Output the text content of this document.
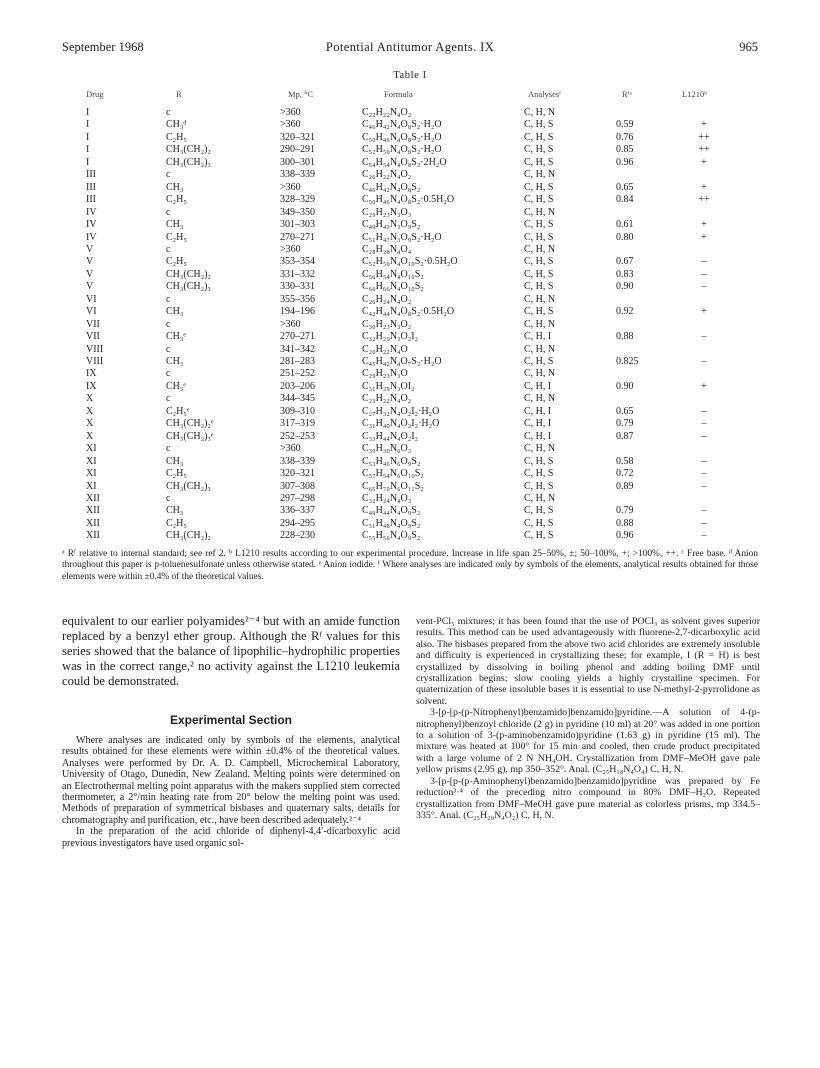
September 1968	Potential Antitumor Agents. IX	965
Table I
Drug	R	Mp, °C	Formula	Analysesᶠ	Rᶠᵃ	L1210ᵇ
I	c	>360	C₂₂H₂₂N₄O₂	C, H, N
I	CH₃ᵈ	>360	C₄₆H₄₂N₄O₈S₂·H₂O	C, H, S	0.59	+
I	C₂H₅	320–321	C₅₀H₄₆N₄O₈S₂·H₂O	C, H, S	0.76	++
I	CH₃(CH₂)₂	290–291	C₅₂H₅₀N₄O₈S₂·H₂O	C, H, S	0.85	++
I	CH₃(CH₂)₃	300–301	C₅₄H₅₄N₄O₈S₂·2H₂O	C, H, S	0.96	+
III	c	338–339	C₂₆H₂₂N₄O₂	C, H, N
III	CH₃	>360	C₄₆H₄₂N₄O₈S₂	C, H, S	0.65	+
III	C₂H₅	328–329	C₅₀H₄₆N₄O₈S₂·0.5H₂O	C, H, S	0.84	++
IV	c	349–350	C₂₉H₂₃N₃O₃	C, H, N
IV	CH₃	301–303	C₄₉H₄₃N₃O₉S₂	C, H, S	0.61	+
IV	C₂H₅	270–271	C₅₁H₄₇N₃O₉S₂·H₂O	C, H, S	0.80	+
V	c	>360	C₂₈H₂₈N₄O₄	C, H, N
V	C₂H₅	353–354	C₅₂H₅₀N₄O₁₀S₂·0.5H₂O	C, H, S	0.67	–
V	CH₃(CH₂)₂	331–332	C₅₆H₅₄N₄O₁₀S₂	C, H, S	0.83	–
V	CH₃(CH₂)₃	330–331	C₆₀H₆₆N₄O₁₀S₂	C, H, S	0.90	–
VI	c	355–356	C₂₆H₂₄N₄O₂	C, H, N
VI	CH₃	194–196	C₄₂H₄₄N₄O₈S₂·0.5H₂O	C, H, S	0.92	+
VII	c	>360	C₃₀H₂₃N₃O₂	C, H, N
VII	CH₃ᵉ	270–271	C₃₂H₂₉N₃O₂I₂	C, H, I	0.88	–
VIII	c	341–342	C₂₀H₂₂N₄O	C, H, N
VIII	CH₃	281–283	C₄₅H₄₂N₄O₇S₂·H₂O	C, H, S	0.825	–
IX	c	251–252	C₂₉H₂₃N₃O	C, H, N
IX	CH₃ᵉ	203–206	C₃₁H₂₉N₃OI₂	C, H, I	0.90	+
X	c	344–345	C₂₃H₂₂N₄O₂	C, H, N
X	C₂H₅ᵉ	309–310	C₂₇H₃₂N₄O₂I₂·H₂O	C, H, I	0.65	–
X	CH₃(CH₂)₂ᵉ	317–319	C₃₁H₄₀N₄O₂I₂·H₂O	C, H, I	0.79	–
X	CH₃(CH₂)₃ᵉ	252–253	C₃₃H₄₄N₄O₂I₂	C, H, I	0.87	–
XI	c	>360	C₃₉H₃₀N₆O₃	C, H, N
XI	CH₃	338–339	C₅₃H₄₆N₆O₉S₂	C, H, S	0.58	–
XI	C₂H₅	320–321	C₅₇H₅₄N₆O₁₀S₂	C, H, S	0.72	–
XI	CH₃(CH₂)₃	307–308	C₆₅H₇₀N₆O₁₁S₂	C, H, S	0.89	–
XII	c	297–298	C₃₂H₂₄N₄O₃	C, H, N
XII	CH₃	336–337	C₄₉H₄₄N₄O₉S₂	C, H, S	0.79	–
XII	C₂H₅	294–295	C₅₁H₄₈N₄O₉S₂	C, H, S	0.88	–
XII	CH₃(CH₂)₂	228–230	C₅₅H₅₆N₄O₉S₂	C, H, S	0.96	–
ᵃ Rᶠ relative to internal standard; see ref 2. ᵇ L1210 results according to our experimental procedure. Increase in life span 25–50%, ±; 50–100%, +; >100%, ++. ᶜ Free base. ᵈ Anion throughout this paper is p-toluenesulfonate unless otherwise stated. ᵉ Anion iodide. ᶠ Where analyses are indicated only by symbols of the elements, analytical results obtained for those elements were within ±0.4% of the theoretical values.

equivalent to our earlier polyamides²⁻⁴ but with an amide function replaced by a benzyl ether group. Although the Rᶠ values for this series showed that the balance of lipophilic–hydrophilic properties was in the correct range,² no activity against the L1210 leukemia could be demonstrated.

Experimental Section

Where analyses are indicated only by symbols of the elements, analytical results obtained for these elements were within ±0.4% of the theoretical values. Analyses were performed by Dr. A. D. Campbell, Microchemical Laboratory, University of Otago, Dunedin, New Zealand. Melting points were determined on an Electrothermal melting point apparatus with the makers supplied stem corrected thermometer, a 2°/min heating rate from 20° below the melting point was used. Methods of preparation of symmetrical bisbases and quaternary salts, details for chromatography and purification, etc., have been described adequately.²⁻⁴

In the preparation of the acid chloride of diphenyl-4,4′-dicarboxylic acid previous investigators have used organic sol-

vent-PCl₅ mixtures; it has been found that the use of POCl₃ as solvent gives superior results. This method can be used advantageously with fluorene-2,7-dicarboxylic acid also. The bisbases prepared from the above two acid chlorides are extremely insoluble and difficulty is experienced in crystallizing these; for example, I (R = H) is best crystallized by dissolving in boiling phenol and adding boiling DMF until crystallization begins; slow cooling yields a highly crystalline specimen. For quaternization of these insoluble bases it is essential to use N-methyl-2-pyrrolidone as solvent.

3-[p-[p-(p-Nitrophenyl)benzamido]benzamido]pyridine.—A solution of 4-(p-nitrophenyl)benzoyl chloride (2 g) in pyridine (10 ml) at 20° was added in one portion to a solution of 3-(p-aminobenzamido)pyridine (1.63 g) in pyridine (15 ml). The mixture was heated at 100° for 15 min and cooled, then crude product precipitated with a large volume of 2 N NH₄OH. Crystallization from DMF–MeOH gave pale yellow prisms (2.95 g), mp 350–352°. Anal. (C₂₅H₁₈N₄O₄) C, H, N.

3-[p-[p-(p-Aminophenyl)benzamido]benzamido]pyridine was prepared by Fe reduction³·⁴ of the preceding nitro compound in 80% DMF–H₂O. Repeated crystallization from DMF–MeOH gave pure material as colorless prisms, mp 334.5–335°. Anal. (C₂₅H₂₀N₄O₂) C, H, N.
